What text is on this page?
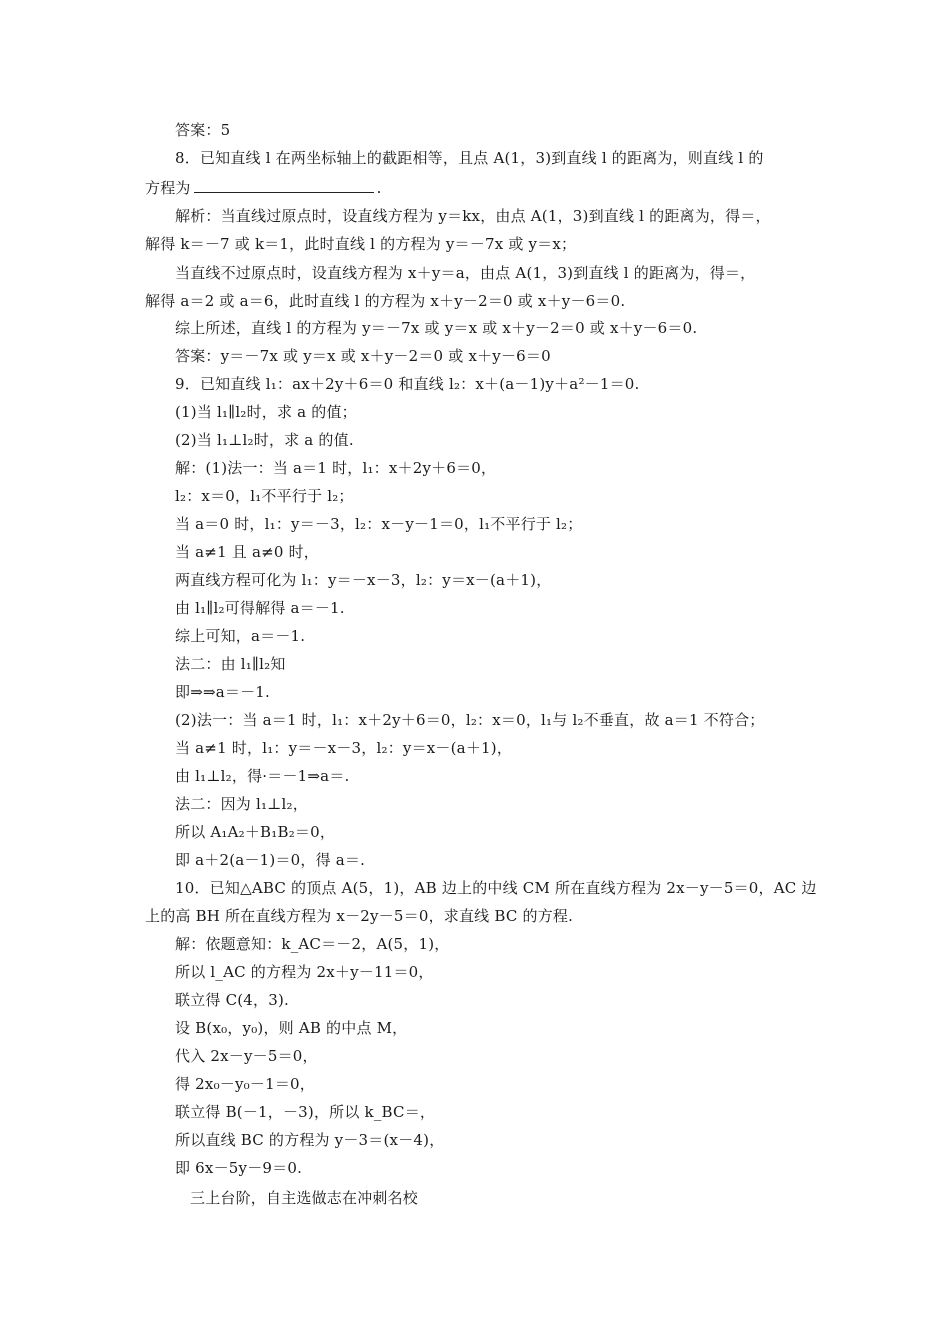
答案：5
8．已知直线 l 在两坐标轴上的截距相等，且点 A(1，3)到直线 l 的距离为，则直线 l 的
方程为	.
解析：当直线过原点时，设直线方程为 y＝kx，由点 A(1，3)到直线 l 的距离为，得＝，
解得 k＝－7 或 k＝1，此时直线 l 的方程为 y＝－7x 或 y＝x；
当直线不过原点时，设直线方程为 x＋y＝a，由点 A(1，3)到直线 l 的距离为，得＝，
解得 a＝2 或 a＝6，此时直线 l 的方程为 x＋y－2＝0 或 x＋y－6＝0.
综上所述，直线 l 的方程为 y＝－7x 或 y＝x 或 x＋y－2＝0 或 x＋y－6＝0.
答案：y＝－7x 或 y＝x 或 x＋y－2＝0 或 x＋y－6＝0
9．已知直线 l₁：ax＋2y＋6＝0 和直线 l₂：x＋(a－1)y＋a²－1＝0.
(1)当 l₁∥l₂时，求 a 的值；
(2)当 l₁⊥l₂时，求 a 的值.
解：(1)法一：当 a＝1 时，l₁：x＋2y＋6＝0，
l₂：x＝0，l₁不平行于 l₂；
当 a＝0 时，l₁：y＝－3，l₂：x－y－1＝0，l₁不平行于 l₂；
当 a≠1 且 a≠0 时，
两直线方程可化为 l₁：y＝－x－3，l₂：y＝x－(a＋1)，
由 l₁∥l₂可得解得 a＝－1.
综上可知，a＝－1.
法二：由 l₁∥l₂知
即⇒⇒a＝－1.
(2)法一：当 a＝1 时，l₁：x＋2y＋6＝0，l₂：x＝0，l₁与 l₂不垂直，故 a＝1 不符合；
当 a≠1 时，l₁：y＝－x－3，l₂：y＝x－(a＋1)，
由 l₁⊥l₂，得·＝－1⇒a＝.
法二：因为 l₁⊥l₂，
所以 A₁A₂＋B₁B₂＝0，
即 a＋2(a－1)＝0，得 a＝.
10．已知△ABC 的顶点 A(5，1)，AB 边上的中线 CM 所在直线方程为 2x－y－5＝0，AC 边
上的高 BH 所在直线方程为 x－2y－5＝0，求直线 BC 的方程.
解：依题意知：k_AC＝－2，A(5，1)，
所以 l_AC 的方程为 2x＋y－11＝0，
联立得 C(4，3).
设 B(x₀，y₀)，则 AB 的中点 M，
代入 2x－y－5＝0，
得 2x₀－y₀－1＝0，
联立得 B(－1，－3)，所以 k_BC＝，
所以直线 BC 的方程为 y－3＝(x－4)，
即 6x－5y－9＝0.
三上台阶，自主选做志在冲刺名校
